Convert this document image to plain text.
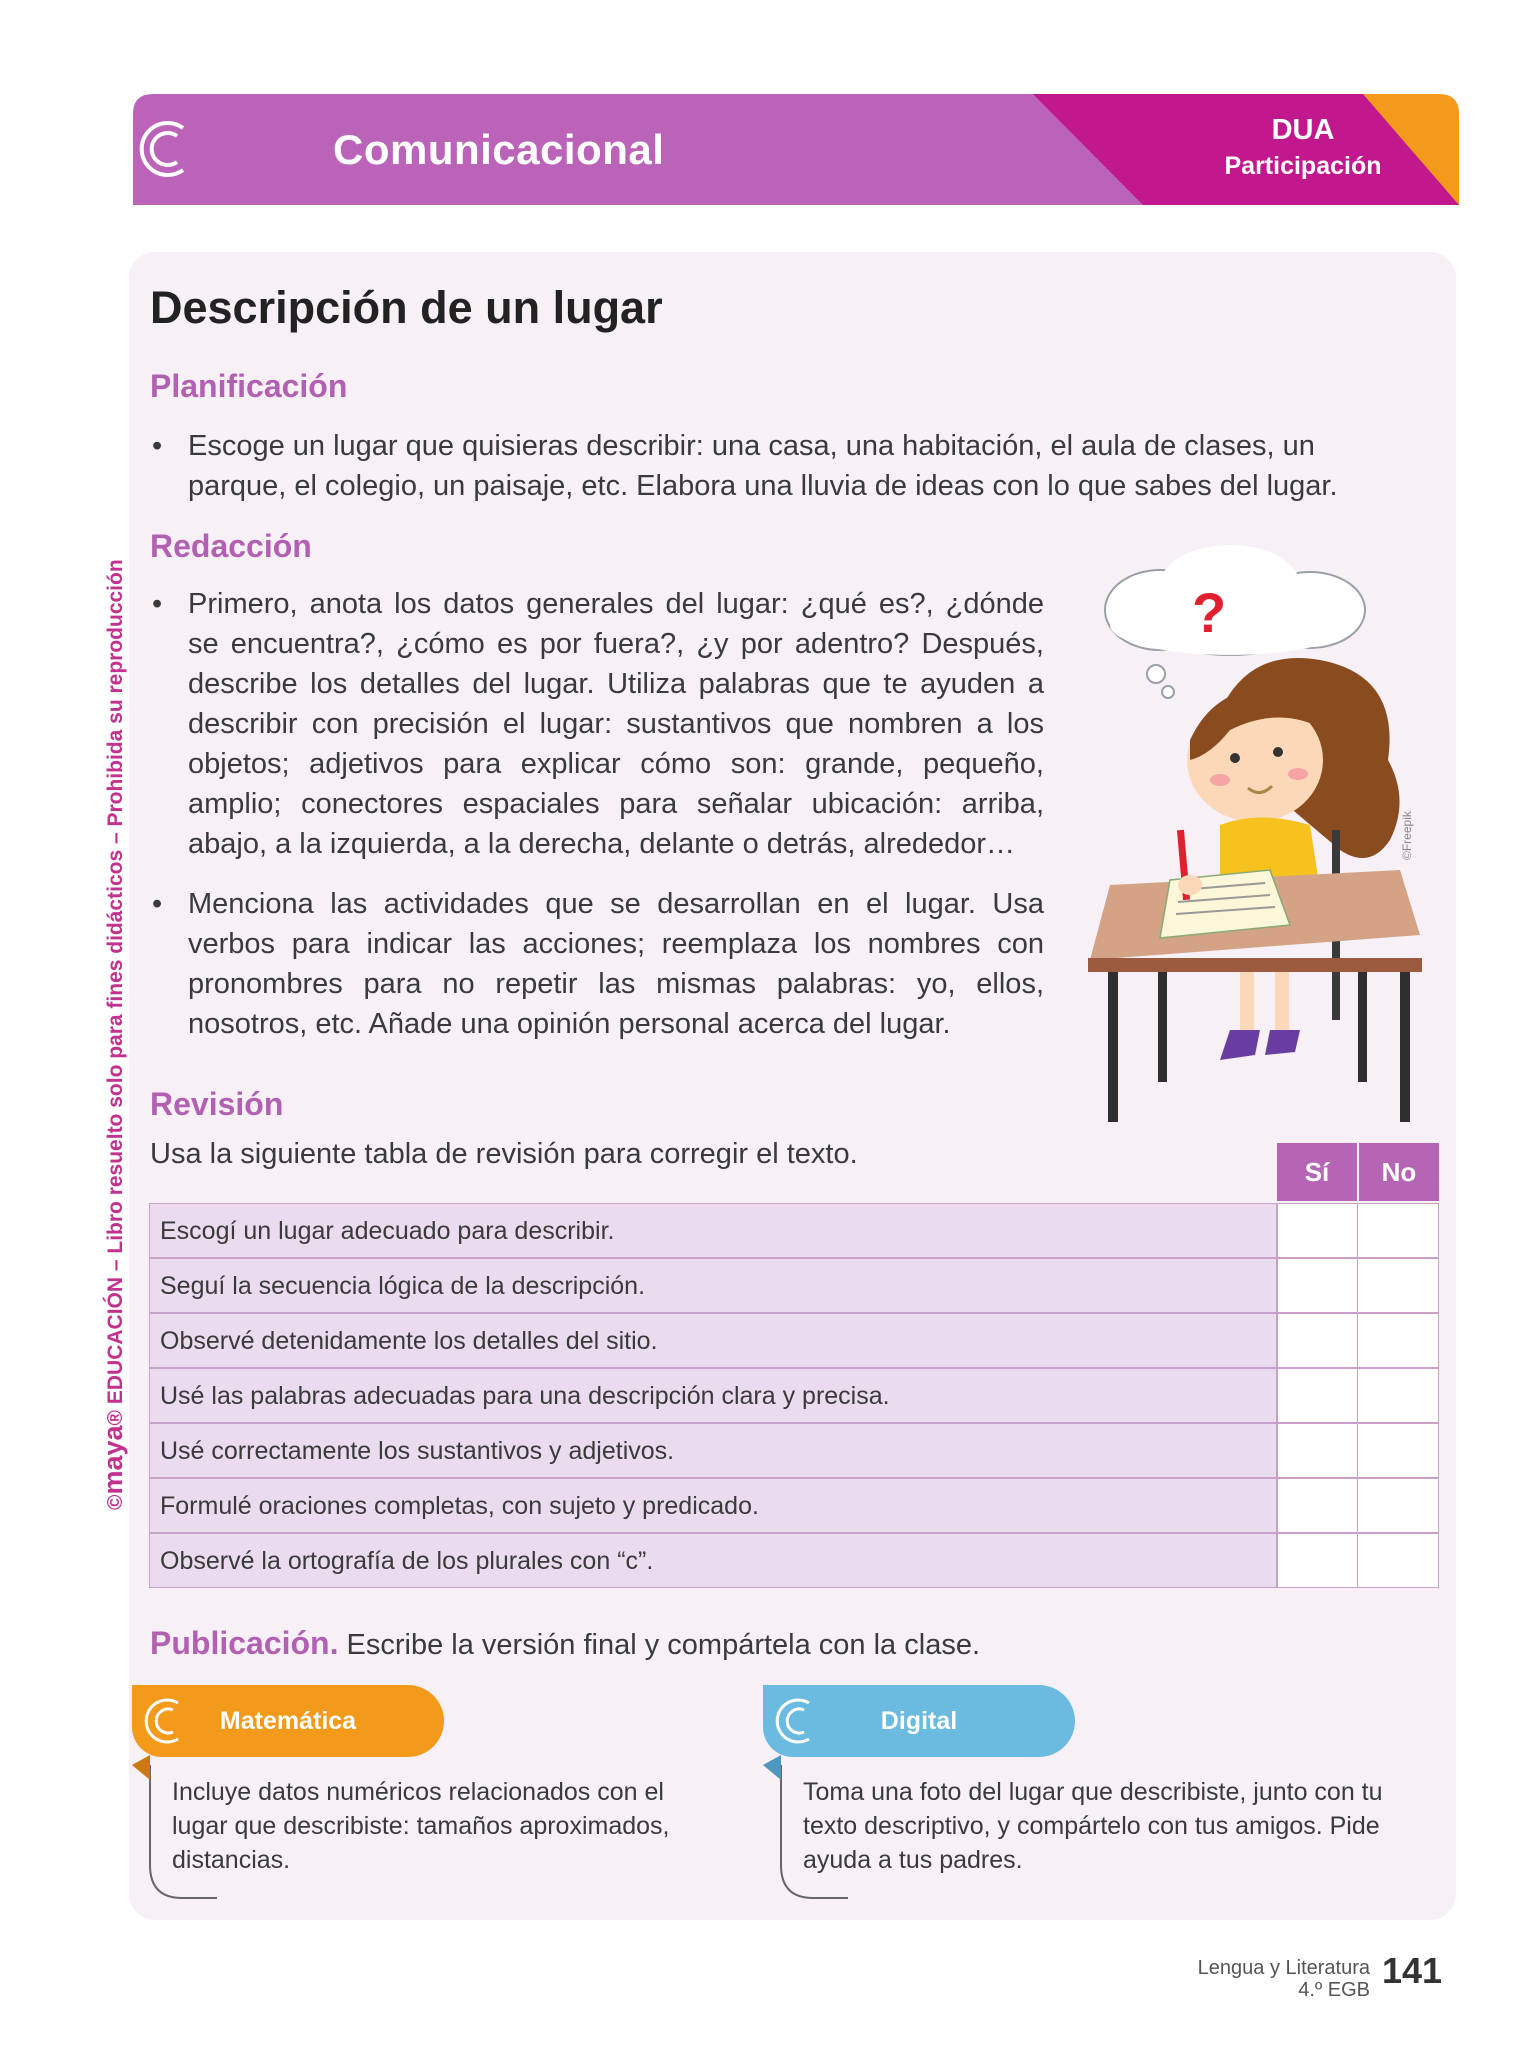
Comunicacional	DUA
Participación
©maya® EDUCACIÓN – Libro resuelto solo para fines didácticos – Prohibida su reproducción
Descripción de un lugar
Planificación
• Escoge un lugar que quisieras describir: una casa, una habitación, el aula de clases, un parque, el colegio, un paisaje, etc. Elabora una lluvia de ideas con lo que sabes del lugar.
Redacción
• Primero, anota los datos generales del lugar: ¿qué es?, ¿dónde se encuentra?, ¿cómo es por fuera?, ¿y por adentro? Después, describe los detalles del lugar. Utiliza palabras que te ayuden a describir con precisión el lugar: sustantivos que nombren a los objetos; adjetivos para explicar cómo son: grande, pequeño, amplio; conectores espaciales para señalar ubicación: arriba, abajo, a la izquierda, a la derecha, delante o detrás, alrededor…
• Menciona las actividades que se desarrollan en el lugar. Usa verbos para indicar las acciones; reemplaza los nombres con pronombres para no repetir las mismas palabras: yo, ellos, nosotros, etc. Añade una opinión personal acerca del lugar.
?
©Freepik
Revisión
Usa la siguiente tabla de revisión para corregir el texto.
Sí	No
Escogí un lugar adecuado para describir.
Seguí la secuencia lógica de la descripción.
Observé detenidamente los detalles del sitio.
Usé las palabras adecuadas para una descripción clara y precisa.
Usé correctamente los sustantivos y adjetivos.
Formulé oraciones completas, con sujeto y predicado.
Observé la ortografía de los plurales con “c”.
Publicación. Escribe la versión final y compártela con la clase.
Matemática
Incluye datos numéricos relacionados con el lugar que describiste: tamaños aproximados, distancias.
Digital
Toma una foto del lugar que describiste, junto con tu texto descriptivo, y compártelo con tus amigos. Pide ayuda a tus padres.
Lengua y Literatura
4.º EGB 141
